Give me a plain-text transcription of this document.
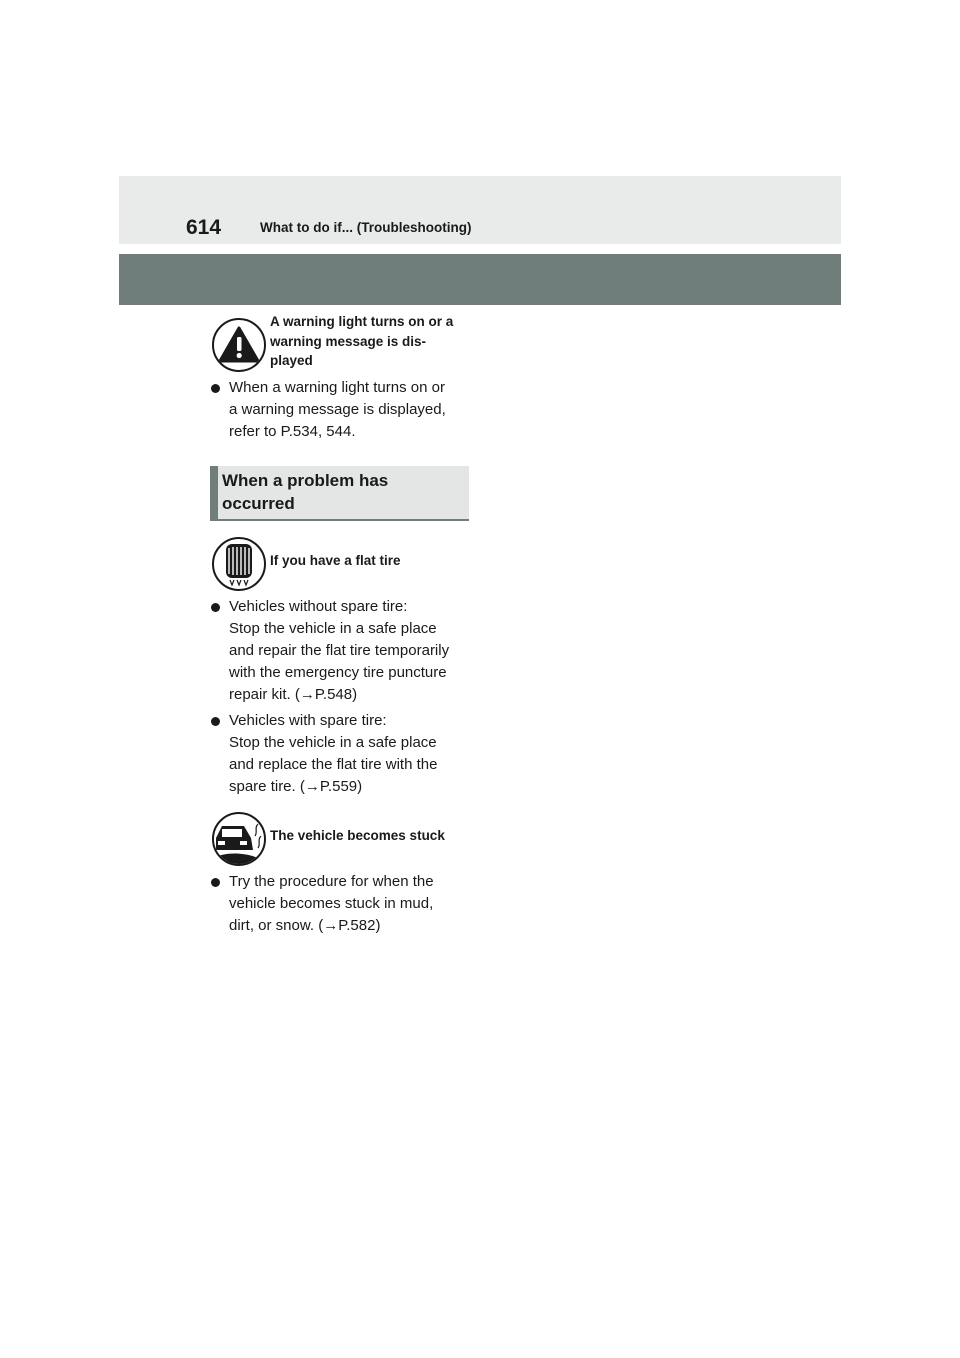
614	What to do if... (Troubleshooting)
A warning light turns on or a
warning message is dis-
played
When a warning light turns on or
a warning message is displayed,
refer to P.534, 544.
When a problem has
occurred
If you have a flat tire
Vehicles without spare tire:
Stop the vehicle in a safe place
and repair the flat tire temporarily
with the emergency tire puncture
repair kit. (→P.548)
Vehicles with spare tire:
Stop the vehicle in a safe place
and replace the flat tire with the
spare tire. (→P.559)
The vehicle becomes stuck
Try the procedure for when the
vehicle becomes stuck in mud,
dirt, or snow. (→P.582)
